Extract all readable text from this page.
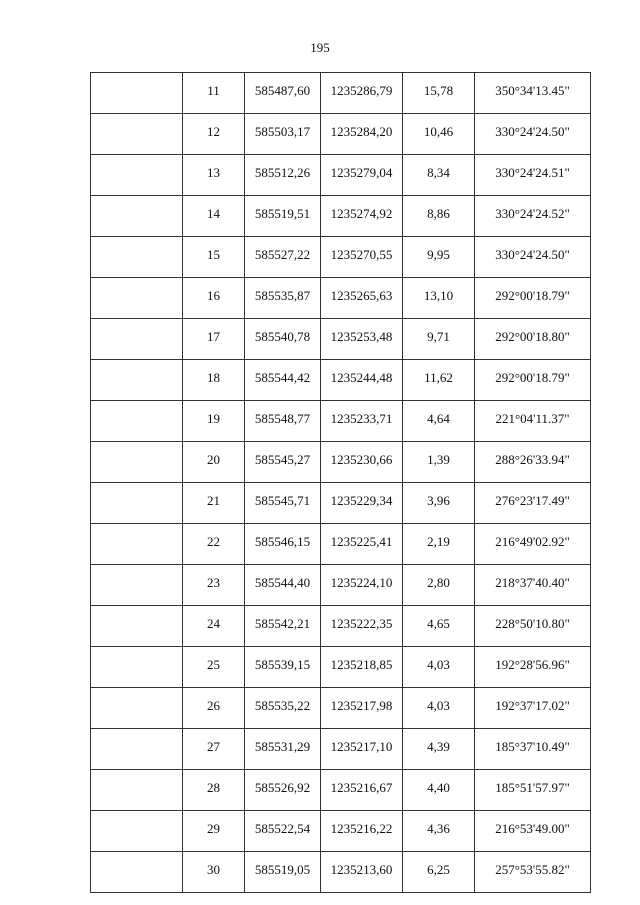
195
	11	585487,60	1235286,79	15,78	350°34'13.45"
	12	585503,17	1235284,20	10,46	330°24'24.50"
	13	585512,26	1235279,04	8,34	330°24'24.51"
	14	585519,51	1235274,92	8,86	330°24'24.52"
	15	585527,22	1235270,55	9,95	330°24'24.50"
	16	585535,87	1235265,63	13,10	292°00'18.79"
	17	585540,78	1235253,48	9,71	292°00'18.80"
	18	585544,42	1235244,48	11,62	292°00'18.79"
	19	585548,77	1235233,71	4,64	221°04'11.37"
	20	585545,27	1235230,66	1,39	288°26'33.94"
	21	585545,71	1235229,34	3,96	276°23'17.49"
	22	585546,15	1235225,41	2,19	216°49'02.92"
	23	585544,40	1235224,10	2,80	218°37'40.40"
	24	585542,21	1235222,35	4,65	228°50'10.80"
	25	585539,15	1235218,85	4,03	192°28'56.96"
	26	585535,22	1235217,98	4,03	192°37'17.02"
	27	585531,29	1235217,10	4,39	185°37'10.49"
	28	585526,92	1235216,67	4,40	185°51'57.97"
	29	585522,54	1235216,22	4,36	216°53'49.00"
	30	585519,05	1235213,60	6,25	257°53'55.82"
